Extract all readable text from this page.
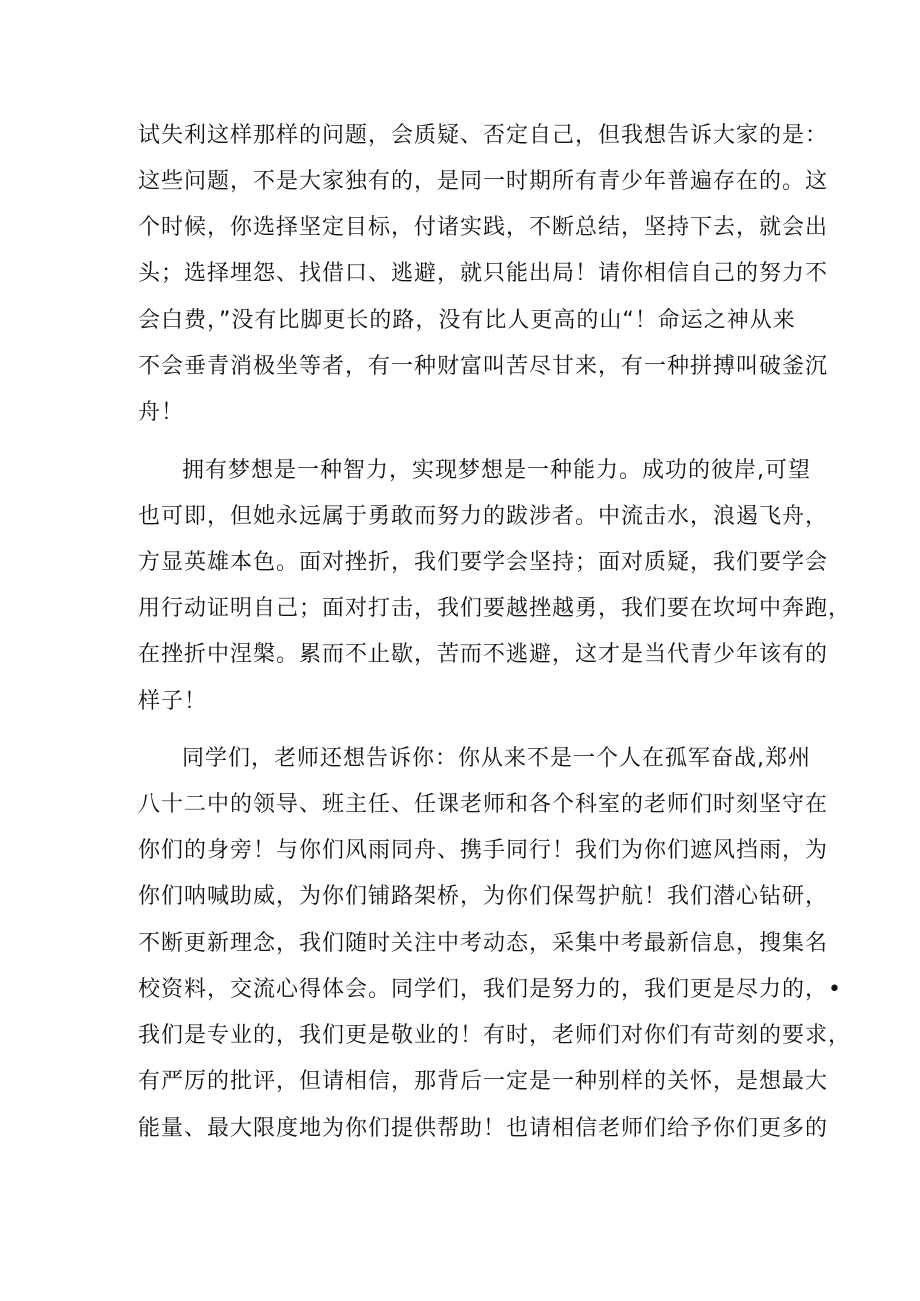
试失利这样那样的问题，会质疑、否定自己，但我想告诉大家的是：
这些问题，不是大家独有的，是同一时期所有青少年普遍存在的。这
个时候，你选择坚定目标，付诸实践，不断总结，坚持下去，就会出
头；选择埋怨、找借口、逃避，就只能出局！请你相信自己的努力不
会白费，”没有比脚更长的路，没有比人更高的山“！命运之神从来
不会垂青消极坐等者，有一种财富叫苦尽甘来，有一种拼搏叫破釜沉
舟！
拥有梦想是一种智力，实现梦想是一种能力。成功的彼岸,可望
也可即，但她永远属于勇敢而努力的跋涉者。中流击水，浪遏飞舟，
方显英雄本色。面对挫折，我们要学会坚持；面对质疑，我们要学会
用行动证明自己；面对打击，我们要越挫越勇，我们要在坎坷中奔跑，
在挫折中涅槃。累而不止歇，苦而不逃避，这才是当代青少年该有的
样子！
同学们，老师还想告诉你：你从来不是一个人在孤军奋战,郑州
八十二中的领导、班主任、任课老师和各个科室的老师们时刻坚守在
你们的身旁！与你们风雨同舟、携手同行！我们为你们遮风挡雨，为
你们呐喊助威，为你们铺路架桥，为你们保驾护航！我们潜心钻研，
不断更新理念，我们随时关注中考动态，采集中考最新信息，搜集名
校资料，交流心得体会。同学们，我们是努力的，我们更是尽力的，•
我们是专业的，我们更是敬业的！有时，老师们对你们有苛刻的要求，
有严厉的批评，但请相信，那背后一定是一种别样的关怀，是想最大
能量、最大限度地为你们提供帮助！也请相信老师们给予你们更多的
